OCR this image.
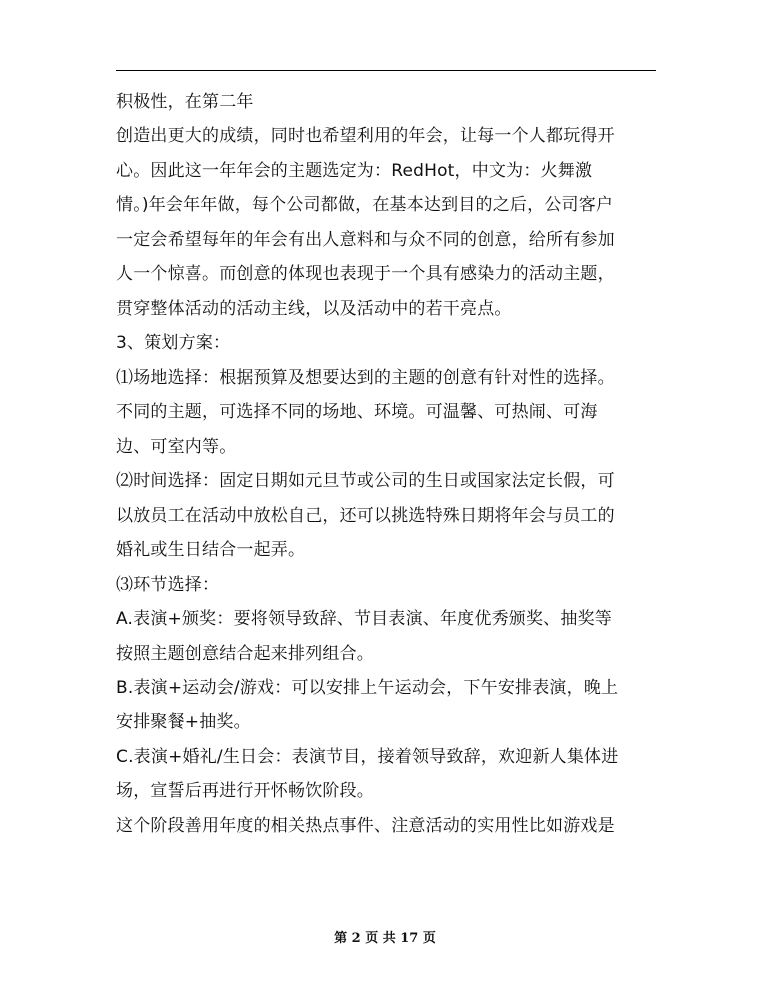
积极性，在第二年
创造出更大的成绩，同时也希望利用的年会，让每一个人都玩得开
心。因此这一年年会的主题选定为：RedHot，中文为：火舞激
情。)年会年年做，每个公司都做，在基本达到目的之后，公司客户
一定会希望每年的年会有出人意料和与众不同的创意，给所有参加
人一个惊喜。而创意的体现也表现于一个具有感染力的活动主题，
贯穿整体活动的活动主线，以及活动中的若干亮点。
3、策划方案：
⑴场地选择：根据预算及想要达到的主题的创意有针对性的选择。
不同的主题，可选择不同的场地、环境。可温馨、可热闹、可海
边、可室内等。
⑵时间选择：固定日期如元旦节或公司的生日或国家法定长假，可
以放员工在活动中放松自己，还可以挑选特殊日期将年会与员工的
婚礼或生日结合一起弄。
⑶环节选择：
A.表演+颁奖：要将领导致辞、节目表演、年度优秀颁奖、抽奖等
按照主题创意结合起来排列组合。
B.表演+运动会/游戏：可以安排上午运动会，下午安排表演，晚上
安排聚餐+抽奖。
C.表演+婚礼/生日会：表演节目，接着领导致辞，欢迎新人集体进
场，宣誓后再进行开怀畅饮阶段。
这个阶段善用年度的相关热点事件、注意活动的实用性比如游戏是
第 2 页 共 17 页
